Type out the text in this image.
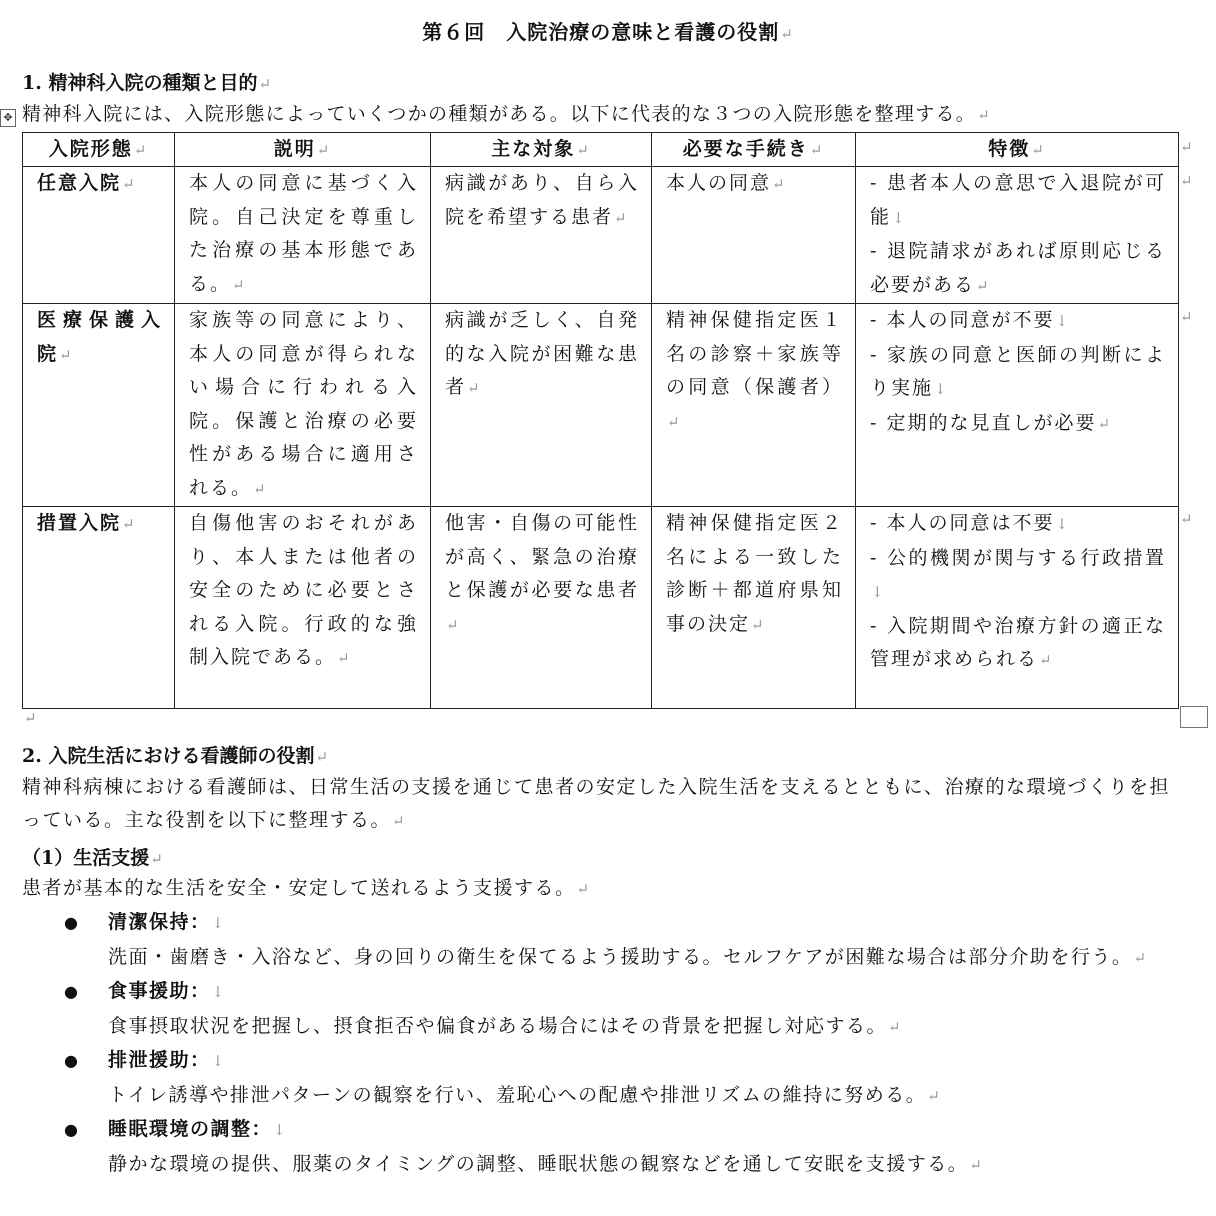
第６回　入院治療の意味と看護の役割↵
1. 精神科入院の種類と目的↵
✥ 精神科入院には、入院形態によっていくつかの種類がある。以下に代表的な３つの入院形態を整理する。↵
入院形態↵	説明↵	主な対象↵	必要な手続き↵	特徴↵
任意入院↵	本人の同意に基づく入院。自己決定を尊重した治療の基本形態である。↵	病識があり、自ら入院を希望する患者↵	本人の同意↵	- 患者本人の意思で入退院が可能↓
- 退院請求があれば原則応じる必要がある↵
医療保護入院↵	家族等の同意により、本人の同意が得られない場合に行われる入院。保護と治療の必要性がある場合に適用される。↵	病識が乏しく、自発的な入院が困難な患者↵	精神保健指定医１名の診察＋家族等の同意（保護者）↵	- 本人の同意が不要↓
- 家族の同意と医師の判断により実施↓
- 定期的な見直しが必要↵
措置入院↵	自傷他害のおそれがあり、本人または他者の安全のために必要とされる入院。行政的な強制入院である。↵	他害・自傷の可能性が高く、緊急の治療と保護が必要な患者↵	精神保健指定医２名による一致した診断＋都道府県知事の決定↵	- 本人の同意は不要↓
- 公的機関が関与する行政措置↓
- 入院期間や治療方針の適正な管理が求められる↵
↵
↵
↵
↵
↵
2. 入院生活における看護師の役割↵
精神科病棟における看護師は、日常生活の支援を通じて患者の安定した入院生活を支えるとともに、治療的な環境づくりを担っている。主な役割を以下に整理する。↵
（1）生活支援↵
患者が基本的な生活を安全・安定して送れるよう支援する。↵
● 清潔保持：↓
洗面・歯磨き・入浴など、身の回りの衛生を保てるよう援助する。セルフケアが困難な場合は部分介助を行う。↵
● 食事援助：↓
食事摂取状況を把握し、摂食拒否や偏食がある場合にはその背景を把握し対応する。↵
● 排泄援助：↓
トイレ誘導や排泄パターンの観察を行い、羞恥心への配慮や排泄リズムの維持に努める。↵
● 睡眠環境の調整：↓
静かな環境の提供、服薬のタイミングの調整、睡眠状態の観察などを通して安眠を支援する。↵
